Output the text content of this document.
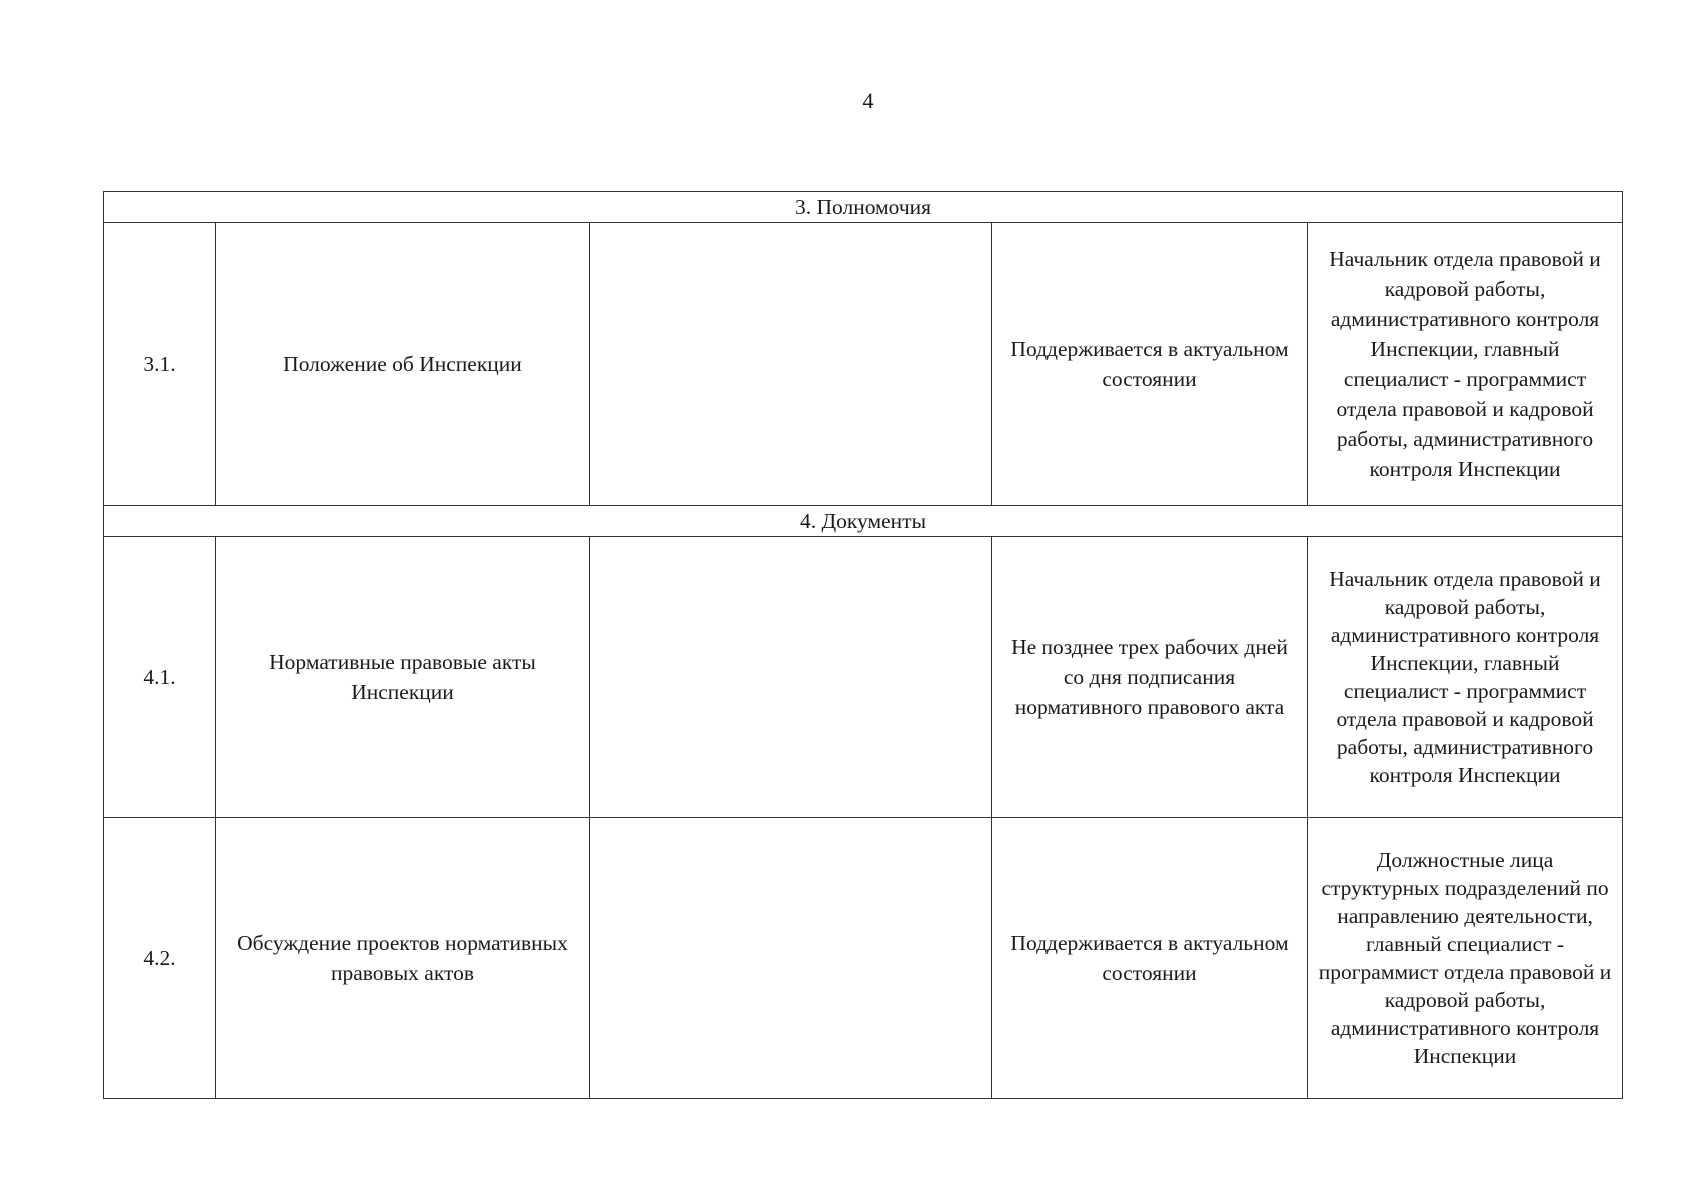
4
3. Полномочия				
3.1.	Положение об Инспекции		Поддерживается в актуальном состоянии	Начальник отдела правовой и кадровой работы, административного контроля Инспекции, главный специалист - программист отдела правовой и кадровой работы, административного контроля Инспекции
4. Документы				
4.1.	Нормативные правовые акты Инспекции		Не позднее трех рабочих дней со дня подписания нормативного правового акта	Начальник отдела правовой и кадровой работы, административного контроля Инспекции, главный специалист - программист отдела правовой и кадровой работы, административного контроля Инспекции
4.2.	Обсуждение проектов нормативных правовых актов		Поддерживается в актуальном состоянии	Должностные лица структурных подразделений по направлению деятельности, главный специалист - программист отдела правовой и кадровой работы, административного контроля Инспекции
